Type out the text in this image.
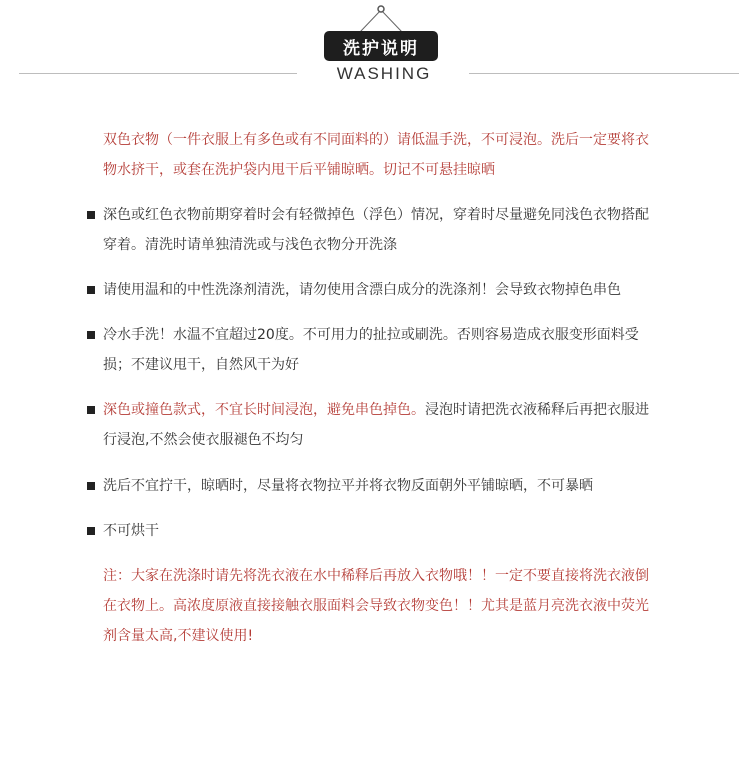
洗护说明
WASHING
双色衣物（一件衣服上有多色或有不同面料的）请低温手洗，不可浸泡。洗后一定要将衣物水挤干，或套在洗护袋内甩干后平铺晾晒。切记不可悬挂晾晒
深色或红色衣物前期穿着时会有轻微掉色（浮色）情况，穿着时尽量避免同浅色衣物搭配穿着。清洗时请单独清洗或与浅色衣物分开洗涤
请使用温和的中性洗涤剂清洗，请勿使用含漂白成分的洗涤剂！会导致衣物掉色串色
冷水手洗！水温不宜超过20度。不可用力的扯拉或刷洗。否则容易造成衣服变形面料受损；不建议甩干，自然风干为好
深色或撞色款式，不宜长时间浸泡，避免串色掉色。浸泡时请把洗衣液稀释后再把衣服进行浸泡,不然会使衣服褪色不均匀
洗后不宜拧干，晾晒时，尽量将衣物拉平并将衣物反面朝外平铺晾晒，不可暴晒
不可烘干
注：大家在洗涤时请先将洗衣液在水中稀释后再放入衣物哦！！一定不要直接将洗衣液倒在衣物上。高浓度原液直接接触衣服面料会导致衣物变色！！尤其是蓝月亮洗衣液中荧光剂含量太高,不建议使用!
